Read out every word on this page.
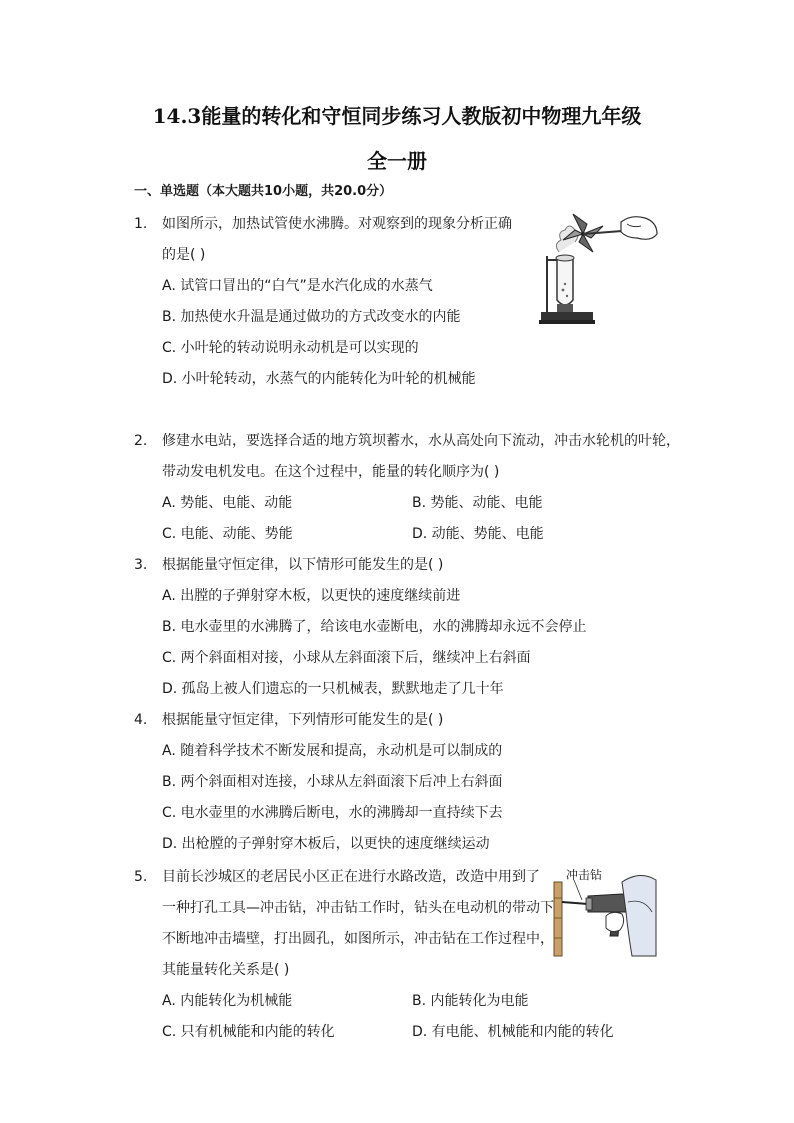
14.3能量的转化和守恒同步练习人教版初中物理九年级
全一册
一、单选题（本大题共10小题，共20.0分）
1. 如图所示，加热试管使水沸腾。对观察到的现象分析正确
的是( )
A. 试管口冒出的“白气”是水汽化成的水蒸气
B. 加热使水升温是通过做功的方式改变水的内能
C. 小叶轮的转动说明永动机是可以实现的
D. 小叶轮转动，水蒸气的内能转化为叶轮的机械能
2. 修建水电站，要选择合适的地方筑坝蓄水，水从高处向下流动，冲击水轮机的叶轮，
带动发电机发电。在这个过程中，能量的转化顺序为( )
A. 势能、电能、动能	B. 势能、动能、电能
C. 电能、动能、势能	D. 动能、势能、电能
3. 根据能量守恒定律，以下情形可能发生的是( )
A. 出膛的子弹射穿木板，以更快的速度继续前进
B. 电水壶里的水沸腾了，给该电水壶断电，水的沸腾却永远不会停止
C. 两个斜面相对接，小球从左斜面滚下后，继续冲上右斜面
D. 孤岛上被人们遗忘的一只机械表，默默地走了几十年
4. 根据能量守恒定律，下列情形可能发生的是( )
A. 随着科学技术不断发展和提高，永动机是可以制成的
B. 两个斜面相对连接，小球从左斜面滚下后冲上右斜面
C. 电水壶里的水沸腾后断电，水的沸腾却一直持续下去
D. 出枪膛的子弹射穿木板后，以更快的速度继续运动
5. 目前长沙城区的老居民小区正在进行水路改造，改造中用到了
一种打孔工具—冲击钻，冲击钻工作时，钻头在电动机的带动下
不断地冲击墙壁，打出圆孔，如图所示，冲击钻在工作过程中，
其能量转化关系是( )
A. 内能转化为机械能	B. 内能转化为电能
C. 只有机械能和内能的转化	D. 有电能、机械能和内能的转化
冲击钻
